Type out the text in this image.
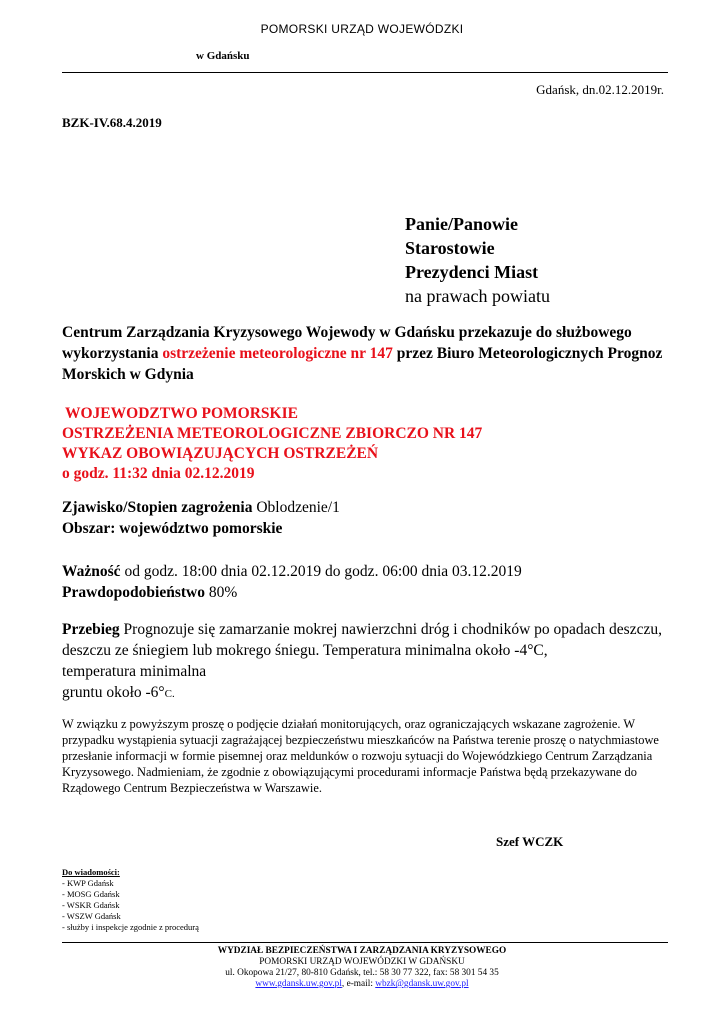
POMORSKI URZĄD WOJEWÓDZKI
w Gdańsku
Gdańsk, dn.02.12.2019r.
BZK-IV.68.4.2019
Panie/Panowie
Starostowie
Prezydenci Miast
na prawach powiatu
Centrum Zarządzania Kryzysowego Wojewody w Gdańsku przekazuje do służbowego wykorzystania ostrzeżenie meteorologiczne nr 147 przez Biuro Meteorologicznych Prognoz Morskich w Gdynia
WOJEWODZTWO POMORSKIE
OSTRZEŻENIA METEOROLOGICZNE ZBIORCZO NR 147
WYKAZ OBOWIĄZUJĄCYCH OSTRZEŻEŃ
o godz. 11:32 dnia 02.12.2019
Zjawisko/Stopien zagrożenia Oblodzenie/1
Obszar: województwo pomorskie
Ważność od godz. 18:00 dnia 02.12.2019 do godz. 06:00 dnia 03.12.2019
Prawdopodobieństwo 80%
Przebieg Prognozuje się zamarzanie mokrej nawierzchni dróg i chodników po opadach deszczu, deszczu ze śniegiem lub mokrego śniegu. Temperatura minimalna około -4°C,
temperatura minimalna
gruntu około -6°C.
W związku z powyższym proszę o podjęcie działań monitorujących, oraz ograniczających wskazane zagrożenie. W przypadku wystąpienia sytuacji zagrażającej bezpieczeństwu mieszkańców na Państwa terenie proszę o natychmiastowe przesłanie informacji w formie pisemnej oraz meldunków o rozwoju sytuacji do Wojewódzkiego Centrum Zarządzania Kryzysowego. Nadmieniam, że zgodnie z obowiązującymi procedurami informacje Państwa będą przekazywane do Rządowego Centrum Bezpieczeństwa w Warszawie.
Szef WCZK
Do wiadomości:
- KWP Gdańsk
- MOSG Gdańsk
- WSKR Gdańsk
- WSZW Gdańsk
- służby i inspekcje zgodnie z procedurą
WYDZIAŁ BEZPIECZEŃSTWA I ZARZĄDZANIA KRYZYSOWEGO
POMORSKI URZĄD WOJEWÓDZKI W GDAŃSKU
ul. Okopowa 21/27, 80-810 Gdańsk, tel.: 58 30 77 322, fax: 58 301 54 35
www.gdansk.uw.gov.pl, e-mail: wbzk@gdansk.uw.gov.pl
